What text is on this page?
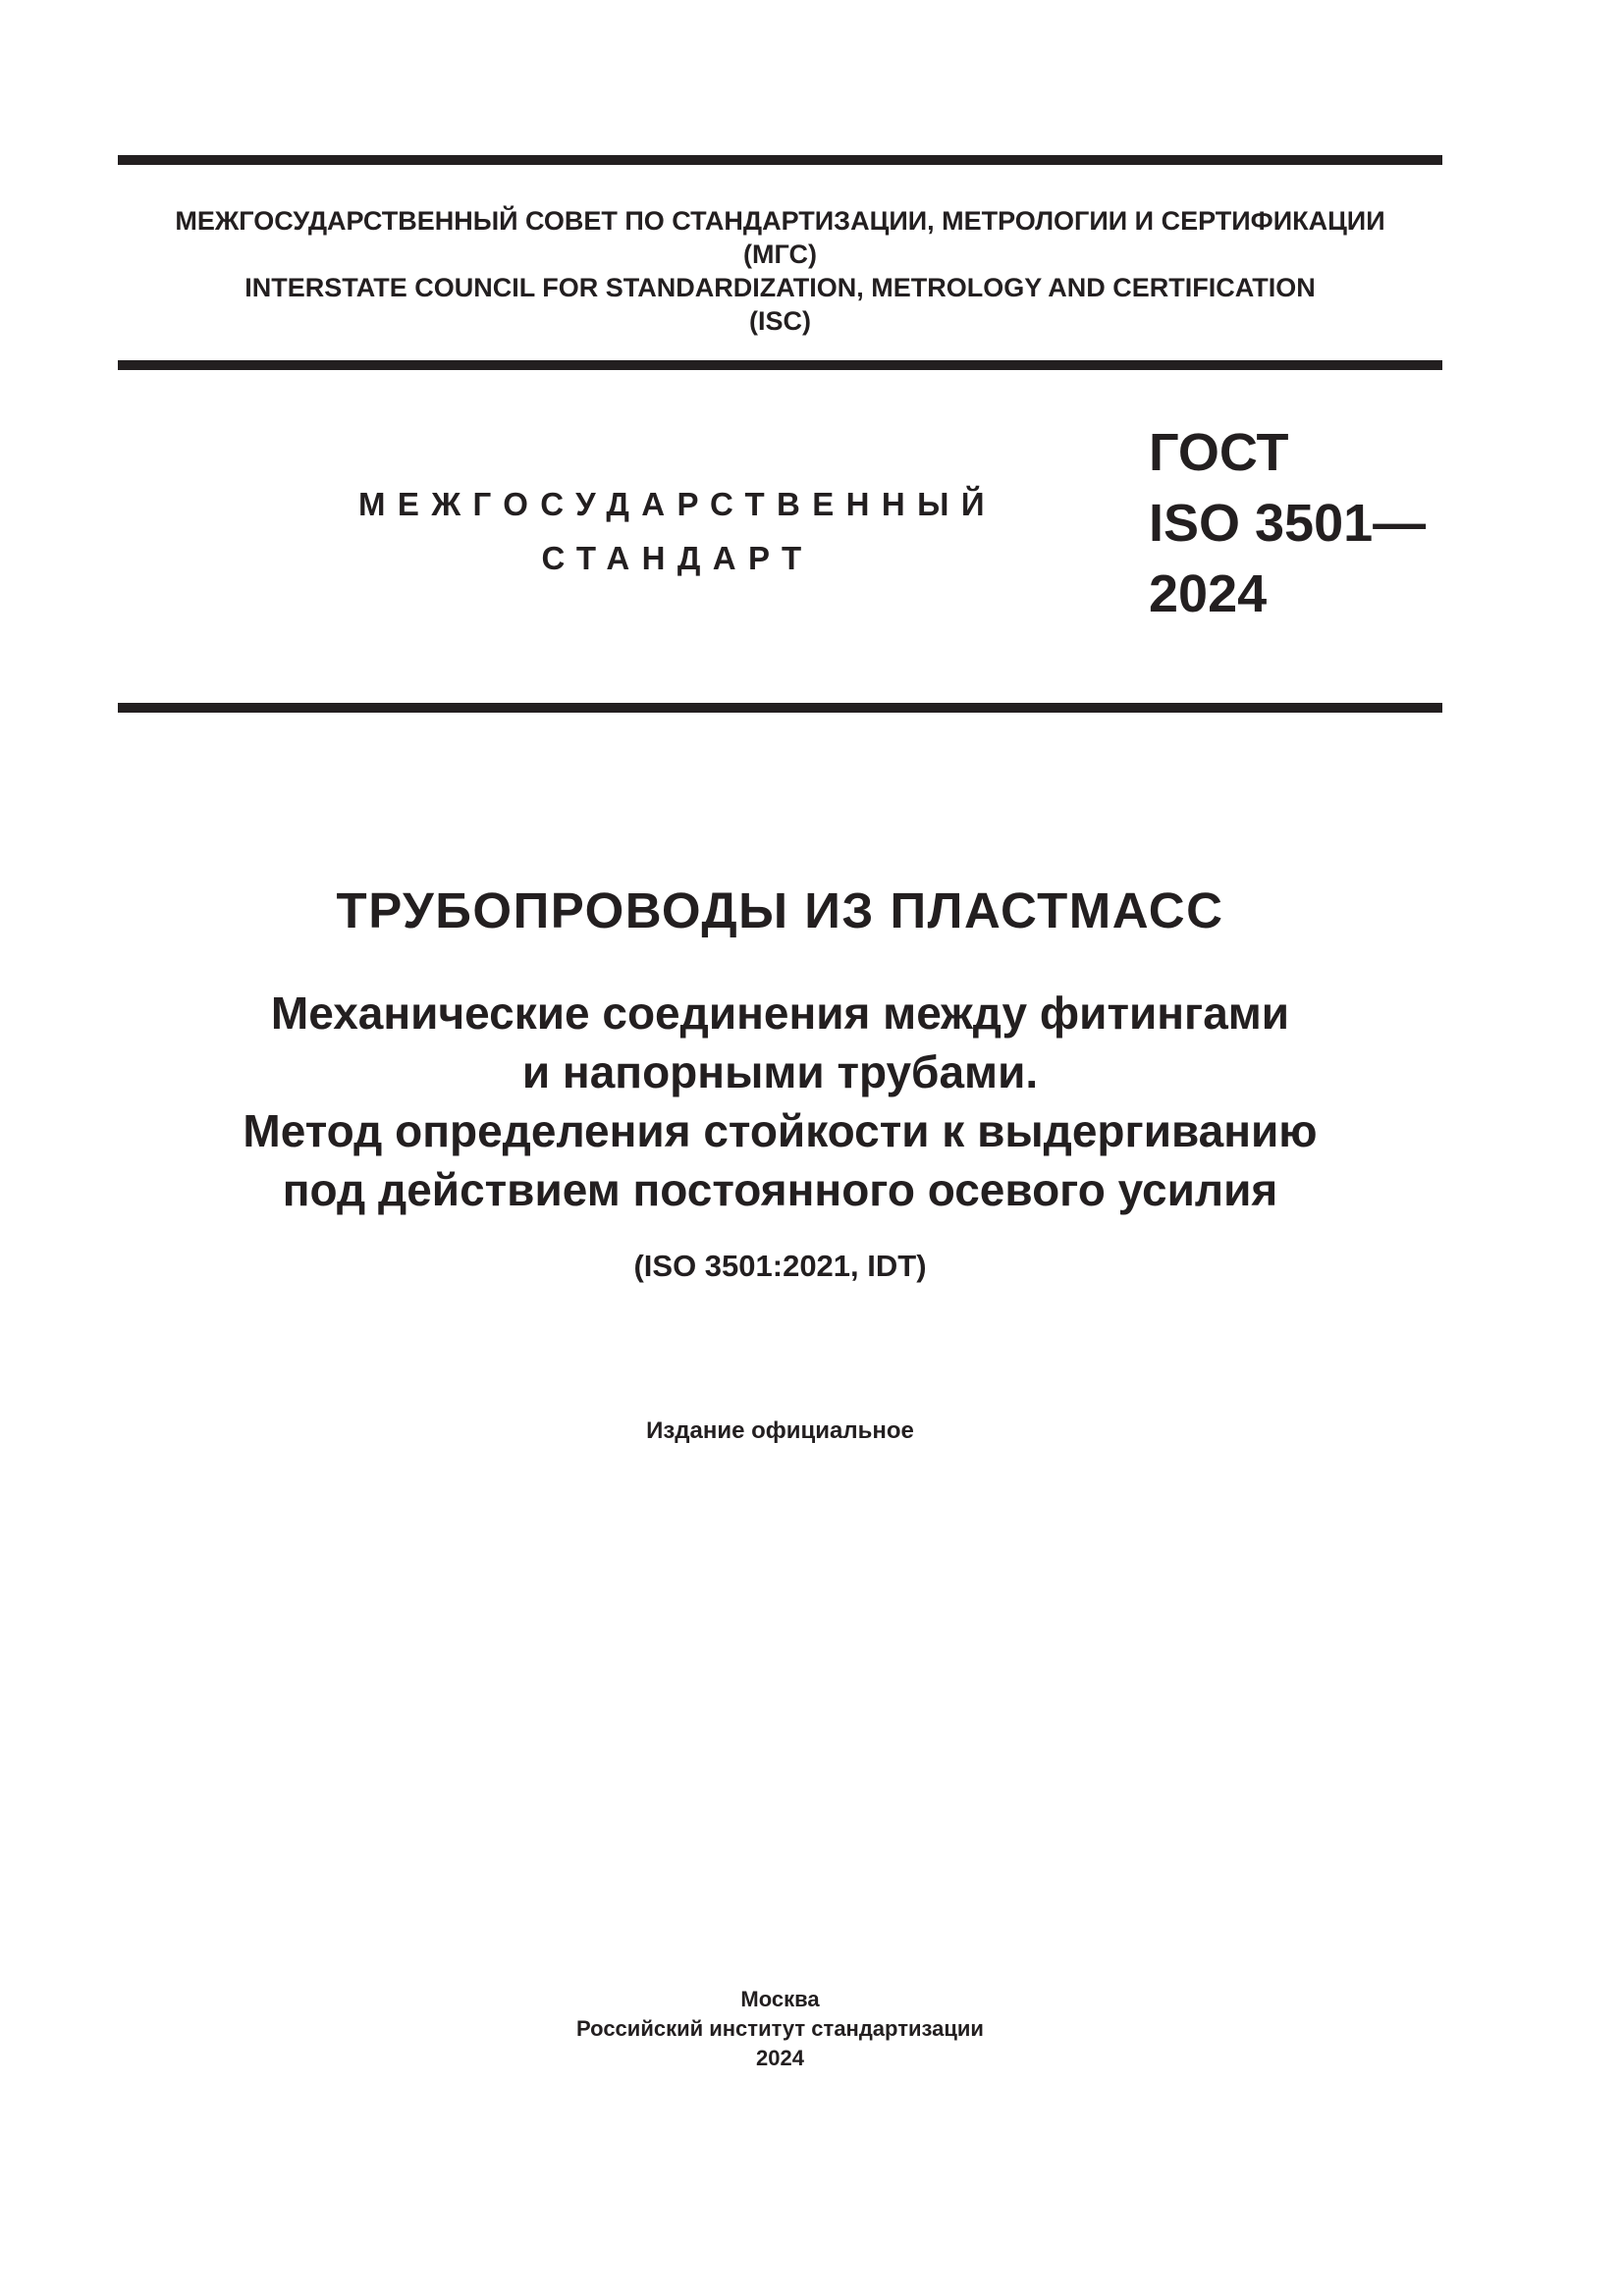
МЕЖГОСУДАРСТВЕННЫЙ СОВЕТ ПО СТАНДАРТИЗАЦИИ, МЕТРОЛОГИИ И СЕРТИФИКАЦИИ
(МГС)
INTERSTATE COUNCIL FOR STANDARDIZATION, METROLOGY AND CERTIFICATION
(ISC)
МЕЖГОСУДАРСТВЕННЫЙ
СТАНДАРТ
ГОСТ
ISO 3501—
2024
ТРУБОПРОВОДЫ ИЗ ПЛАСТМАСС
Механические соединения между фитингами
и напорными трубами.
Метод определения стойкости к выдергиванию
под действием постоянного осевого усилия
(ISO 3501:2021, IDT)
Издание официальное
Москва
Российский институт стандартизации
2024
